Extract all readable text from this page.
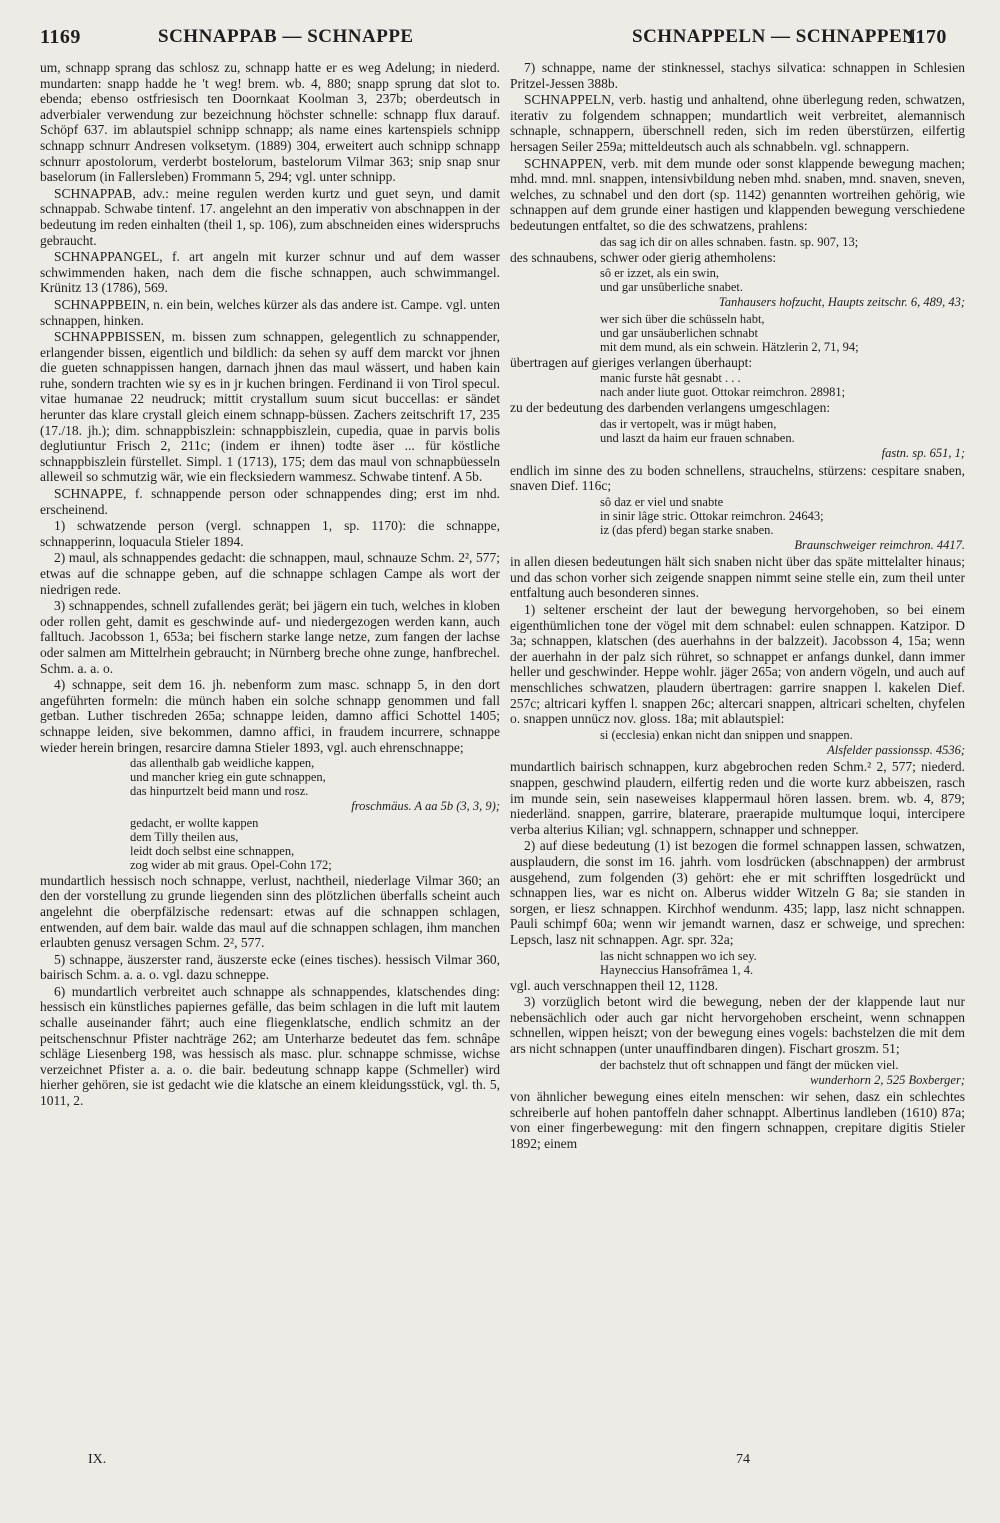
1169	SCHNAPPAB — SCHNAPPE	SCHNAPPELN — SCHNAPPEN
1170

um, schnapp sprang das schlosz zu, schnapp hatte er es weg Adelung; in niederd. mundarten: snapp hadde he 't weg! brem. wb. 4, 880; snapp sprung dat slot to. ebenda; ebenso ostfriesisch ten Doornkaat Koolman 3, 237b; oberdeutsch in adverbialer verwendung zur bezeichnung höchster schnelle: schnapp flux darauf. Schöpf 637. im ablautspiel schnipp schnapp; als name eines kartenspiels schnipp schnapp schnurr Andresen volksetym. (1889) 304, erweitert auch schnipp schnapp schnurr apostolorum, verderbt bostelorum, bastelorum Vilmar 363; snip snap snur baselorum (in Fallersleben) Frommann 5, 294; vgl. unter schnipp.

SCHNAPPAB, adv.: meine regulen werden kurtz und guet seyn, und damit schnappab. Schwabe tintenf. 17. angelehnt an den imperativ von abschnappen in der bedeutung im reden einhalten (theil 1, sp. 106), zum abschneiden eines widerspruchs gebraucht.

SCHNAPPANGEL, f. art angeln mit kurzer schnur und auf dem wasser schwimmenden haken, nach dem die fische schnappen, auch schwimmangel. Krünitz 13 (1786), 569.

SCHNAPPBEIN, n. ein bein, welches kürzer als das andere ist. Campe. vgl. unten schnappen, hinken.

SCHNAPPBISSEN, m. bissen zum schnappen, gelegentlich zu schnappender, erlangender bissen, eigentlich und bildlich: da sehen sy auff dem marckt vor jhnen die gueten schnappissen hangen, darnach jhnen das maul wässert, und haben kain ruhe, sondern trachten wie sy es in jr kuchen bringen. Ferdinand ii von Tirol specul. vitae humanae 22 neudruck; mittit crystallum suum sicut buccellas: er sändet herunter das klare crystall gleich einem schnapp-büssen. Zachers zeitschrift 17, 235 (17./18. jh.); dim. schnappbiszlein: schnappbiszlein, cupedia, quae in parvis bolis deglutiuntur Frisch 2, 211c; (indem er ihnen) todte äser ... für köstliche schnappbiszlein fürstellet. Simpl. 1 (1713), 175; dem das maul von schnapbüesseln alleweil so schmutzig wär, wie ein flecksiedern wammesz. Schwabe tintenf. A 5b.

SCHNAPPE, f. schnappende person oder schnappendes ding; erst im nhd. erscheinend.

1) schwatzende person (vergl. schnappen 1, sp. 1170): die schnappe, schnapperinn, loquacula Stieler 1894.

2) maul, als schnappendes gedacht: die schnappen, maul, schnauze Schm. 2², 577; etwas auf die schnappe geben, auf die schnappe schlagen Campe als wort der niedrigen rede.

3) schnappendes, schnell zufallendes gerät; bei jägern ein tuch, welches in kloben oder rollen geht, damit es geschwinde auf- und niedergezogen werden kann, auch falltuch. Jacobsson 1, 653a; bei fischern starke lange netze, zum fangen der lachse oder salmen am Mittelrhein gebraucht; in Nürnberg breche ohne zunge, hanfbrechel. Schm. a. a. o.

4) schnappe, seit dem 16. jh. nebenform zum masc. schnapp 5, in den dort angeführten formeln: die münch haben ein solche schnapp genommen und fall getban. Luther tischreden 265a; schnappe leiden, damno affici Schottel 1405; schnappe leiden, sive bekommen, damno affici, in fraudem incurrere, schnappe wieder herein bringen, resarcire damna Stieler 1893, vgl. auch ehrenschnappe;

das allenthalb gab weidliche kappen,
und mancher krieg ein gute schnappen,
das hinpurtzelt beid mann und rosz.

froschmäus. A aa 5b (3, 3, 9);

gedacht, er wollte kappen
dem Tilly theilen aus,
leidt doch selbst eine schnappen,
zog wider ab mit graus. Opel-Cohn 172;

mundartlich hessisch noch schnappe, verlust, nachtheil, niederlage Vilmar 360; an den der vorstellung zu grunde liegenden sinn des plötzlichen überfalls scheint auch angelehnt die oberpfälzische redensart: etwas auf die schnappen schlagen, entwenden, auf dem bair. walde das maul auf die schnappen schlagen, ihm manchen erlaubten genusz versagen Schm. 2², 577.

5) schnappe, äuszerster rand, äuszerste ecke (eines tisches). hessisch Vilmar 360, bairisch Schm. a. a. o. vgl. dazu schneppe.

6) mundartlich verbreitet auch schnappe als schnappendes, klatschendes ding: hessisch ein künstliches papiernes gefälle, das beim schlagen in die luft mit lautem schalle auseinander fährt; auch eine fliegenklatsche, endlich schmitz an der peitschenschnur Pfister nachträge 262; am Unterharze bedeutet das fem. schnâpe schläge Liesenberg 198, was hessisch als masc. plur. schnappe schmisse, wichse verzeichnet Pfister a. a. o. die bair. bedeutung schnapp kappe (Schmeller) wird hierher gehören, sie ist gedacht wie die klatsche an einem kleidungsstück, vgl. th. 5, 1011, 2.

7) schnappe, name der stinknessel, stachys silvatica: schnappen in Schlesien Pritzel-Jessen 388b.

SCHNAPPELN, verb. hastig und anhaltend, ohne überlegung reden, schwatzen, iterativ zu folgendem schnappen; mundartlich weit verbreitet, alemannisch schnaple, schnappern, überschnell reden, sich im reden überstürzen, eilfertig hersagen Seiler 259a; mitteldeutsch auch als schnabbeln. vgl. schnappern.

SCHNAPPEN, verb. mit dem munde oder sonst klappende bewegung machen; mhd. mnd. mnl. snappen, intensivbildung neben mhd. snaben, mnd. snaven, sneven, welches, zu schnabel und den dort (sp. 1142) genannten wortreihen gehörig, wie schnappen auf dem grunde einer hastigen und klappenden bewegung verschiedene bedeutungen entfaltet, so die des schwatzens, prahlens:

das sag ich dir on alles schnaben. fastn. sp. 907, 13;

des schnaubens, schwer oder gierig athemholens:

sô er izzet, als ein swin,
und gar unsûberliche snabet.

Tanhausers hofzucht, Haupts zeitschr. 6, 489, 43;

wer sich über die schüsseln habt,
und gar unsäuberlichen schnabt
mit dem mund, als ein schwein. Hätzlerin 2, 71, 94;

übertragen auf gieriges verlangen überhaupt:

manic furste hât gesnabt . . .
nach ander liute guot. Ottokar reimchron. 28981;

zu der bedeutung des darbenden verlangens umgeschlagen:

das ir vertopelt, was ir mügt haben,
und laszt da haim eur frauen schnaben.

fastn. sp. 651, 1;

endlich im sinne des zu boden schnellens, strauchelns, stürzens: cespitare snaben, snaven Dief. 116c;

sô daz er viel und snabte
in sinir lâge stric. Ottokar reimchron. 24643;
iz (das pferd) began starke snaben.

Braunschweiger reimchron. 4417.

in allen diesen bedeutungen hält sich snaben nicht über das späte mittelalter hinaus; und das schon vorher sich zeigende snappen nimmt seine stelle ein, zum theil unter entfaltung auch besonderen sinnes.

1) seltener erscheint der laut der bewegung hervorgehoben, so bei einem eigenthümlichen tone der vögel mit dem schnabel: eulen schnappen. Katzipor. D 3a; schnappen, klatschen (des auerhahns in der balzzeit). Jacobsson 4, 15a; wenn der auerhahn in der palz sich rühret, so schnappet er anfangs dunkel, dann immer heller und geschwinder. Heppe wohlr. jäger 265a; von andern vögeln, und auch auf menschliches schwatzen, plaudern übertragen: garrire snappen l. kakelen Dief. 257c; altricari kyffen l. snappen 26c; altercari snappen, altricari schelten, chyfelen o. snappen unnücz nov. gloss. 18a; mit ablautspiel:

si (ecclesia) enkan nicht dan snippen und snappen.

Alsfelder passionssp. 4536;

mundartlich bairisch schnappen, kurz abgebrochen reden Schm.² 2, 577; niederd. snappen, geschwind plaudern, eilfertig reden und die worte kurz abbeiszen, rasch im munde sein, sein naseweises klappermaul hören lassen. brem. wb. 4, 879; niederländ. snappen, garrire, blaterare, praerapide multumque loqui, intercipere verba alterius Kilian; vgl. schnappern, schnapper und schnepper.

2) auf diese bedeutung (1) ist bezogen die formel schnappen lassen, schwatzen, ausplaudern, die sonst im 16. jahrh. vom losdrücken (abschnappen) der armbrust ausgehend, zum folgenden (3) gehört: ehe er mit schrifften losgedrückt und schnappen lies, war es nicht on. Alberus widder Witzeln G 8a; sie standen in sorgen, er liesz schnappen. Kirchhof wendunm. 435; lapp, lasz nicht schnappen. Pauli schimpf 60a; wenn wir jemandt warnen, dasz er schweige, und sprechen: Lepsch, lasz nit schnappen. Agr. spr. 32a;

las nicht schnappen wo ich sey.
Hayneccius Hansofrâmea 1, 4.

vgl. auch verschnappen theil 12, 1128.

3) vorzüglich betont wird die bewegung, neben der der klappende laut nur nebensächlich oder auch gar nicht hervorgehoben erscheint, wenn schnappen schnellen, wippen heiszt; von der bewegung eines vogels: bachstelzen die mit dem ars nicht schnappen (unter unauffindbaren dingen). Fischart groszm. 51;

der bachstelz thut oft schnappen und fängt der mücken viel.

wunderhorn 2, 525 Boxberger;

von ähnlicher bewegung eines eiteln menschen: wir sehen, dasz ein schlechtes schreiberle auf hohen pantoffeln daher schnappt. Albertinus landleben (1610) 87a; von einer fingerbewegung: mit den fingern schnappen, crepitare digitis Stieler 1892; einem

IX.	74
